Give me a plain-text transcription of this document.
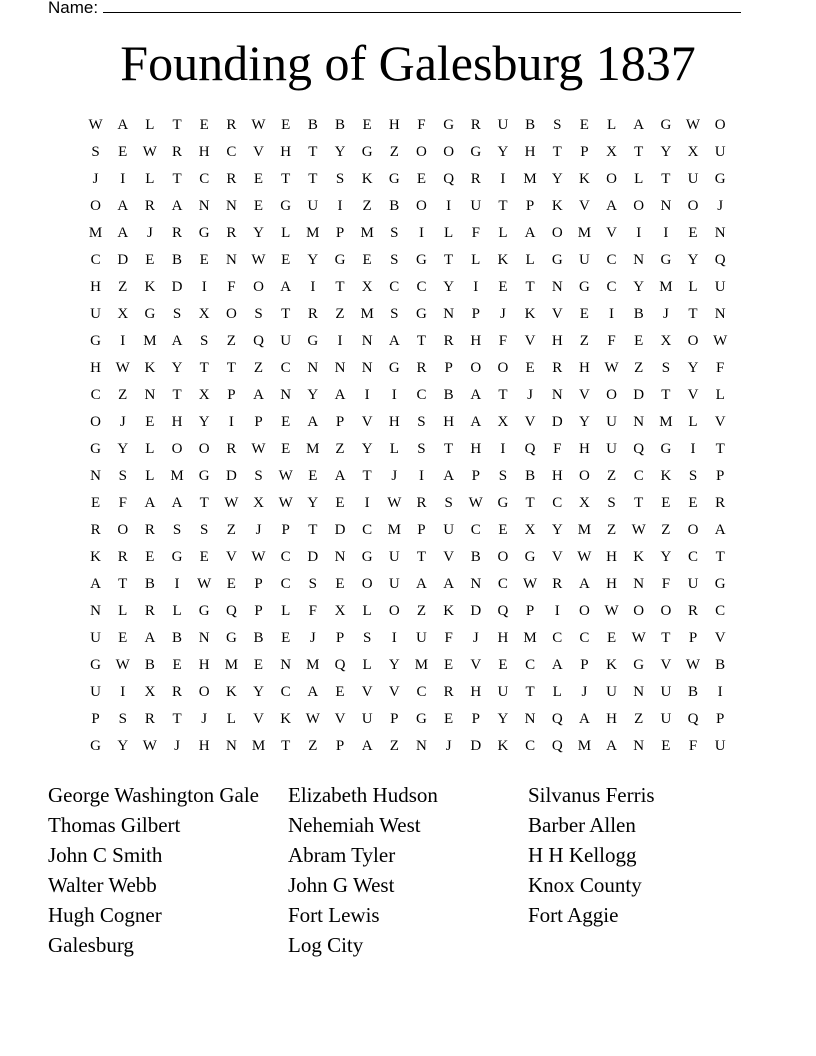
Name:
Founding of Galesburg 1837
W A	L	T	E	R	W	E	B	B	E	H	F	G	R	U	B	S	E	L	A	G W O
S	E	W	R	H	C	V	H	T	Y	G	Z	O	O	G	Y	H	T	P	X	T	Y	X	U
J	I	L	T	C	R	E	T	T	S	K	G	E	Q	R	I	M	Y	K	O	L	T	U	G
O	A	R	A	N	N	E	G	U	I	Z	B	O	I	U	T	P	K	V	A	O	N	O	J
M	A	J	R	G	R	Y	L	M	P	M	S	I	L	F	L	A	O	M	V	I	I	E	N
C	D	E	B	E	N W	E	Y	G	E	S	G	T	L	K	L	G	U	C	N	G	Y	Q
H	Z	K	D	I	F	O	A	I	T	X	C	C	Y	I	E	T	N	G	C	Y	M	L	U
U	X	G	S	X	O	S	T	R	Z	M	S	G	N	P	J	K	V	E	I	B	J	T	N
G	I	M	A	S	Z	Q	U	G	I	N	A	T	R	H	F	V	H	Z	F	E	X	O W
H W K	Y	T	T	Z	C	N	N	N	G	R	P	O	O	E	R	H W	Z	S	Y	F
C	Z	N	T	X	P	A	N	Y	A	I	I	C	B	A	T	J	N	V	O	D	T	V	L
O	J	E	H	Y	I	P	E	A	P	V	H	S	H	A	X	V	D	Y	U	N	M	L	V
G	Y	L	O	O	R	W	E	M	Z	Y	L	S	T	H	I	Q	F	H	U	Q	G	I	T
N	S	L	M	G	D	S	W	E	A	T	J	I	A	P	S	B	H	O	Z	C	K	S	P
E	F	A	A	T	W X W Y	E	I	W	R	S	W G	T	C	X	S	T	E	E	R
R	O	R	S	S	Z	J	P	T	D	C	M	P	U	C	E	X	Y	M	Z	W	Z	O	A
K	R	E	G	E	V W	C	D	N	G	U	T	V	B	O	G	V W H	K	Y	C	T
A	T	B	I	W	E	P	C	S	E	O	U	A	A	N	C	W	R	A	H	N	F	U	G
N	L	R	L	G	Q	P	L	F	X	L	O	Z	K	D	Q	P	I	O W O	O	R	C
U	E	A	B	N	G	B	E	J	P	S	I	U	F	J	H	M	C	C	E	W	T	P	V
G W	B	E	H	M	E	N	M	Q	L	Y	M	E	V	E	C	A	P	K	G	V W	B
U	I	X	R	O	K	Y	C	A	E	V	V	C	R	H	U	T	L	J	U	N	U	B	I
P	S	R	T	J	L	V	K W V	U	P	G	E	P	Y	N	Q	A	H	Z	U	Q	P
G	Y W	J	H	N	M	T	Z	P	A	Z	N	J	D	K	C	Q	M	A	N	E	F	U
George Washington Gale
Thomas Gilbert
John C Smith
Walter Webb
Hugh Cogner
Galesburg
Elizabeth Hudson
Nehemiah West
Abram Tyler
John G West
Fort Lewis
Log City
Silvanus Ferris
Barber Allen
H H Kellogg
Knox County
Fort Aggie
